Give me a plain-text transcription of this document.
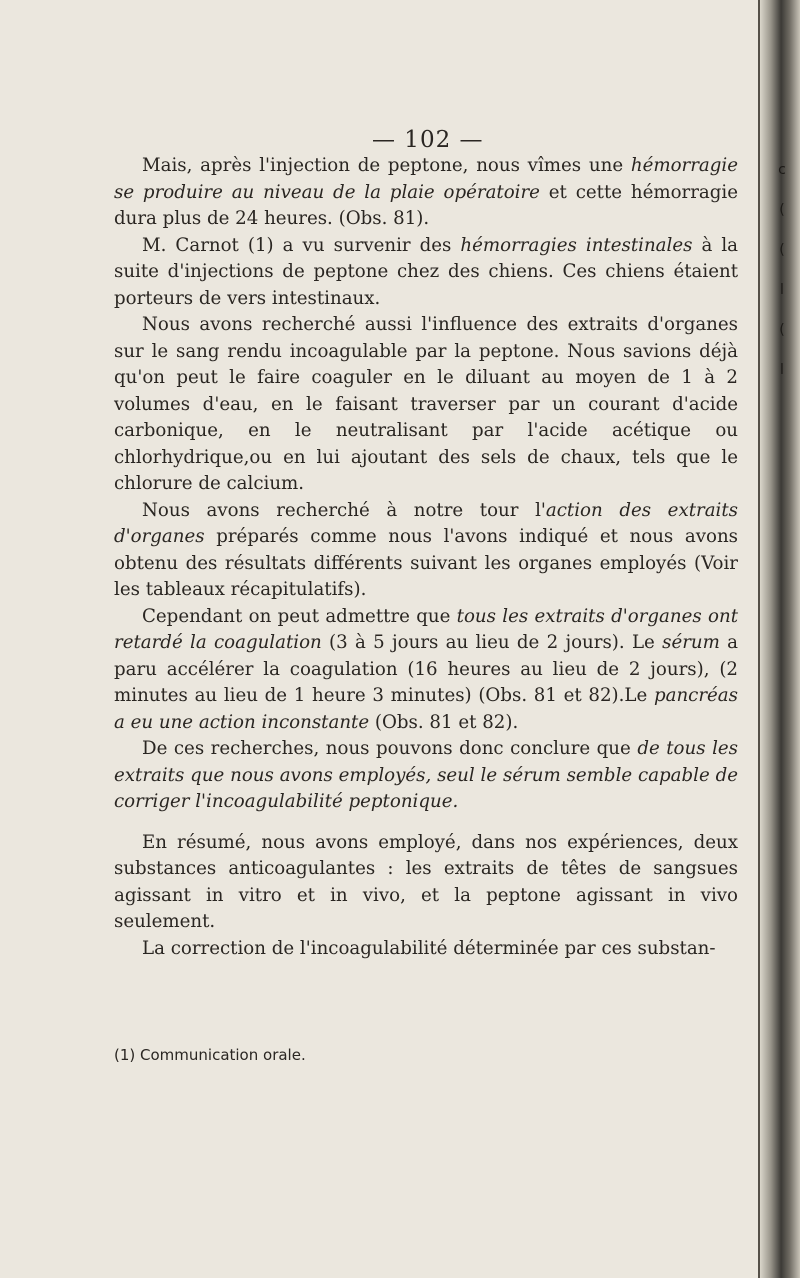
c
(
(
l
(
l
— 102 —

Mais, après l'injection de peptone, nous vîmes une hémorragie se produire au niveau de la plaie opératoire et cette hémorragie dura plus de 24 heures. (Obs. 81).

M. Carnot (1) a vu survenir des hémorragies intestinales à la suite d'injections de peptone chez des chiens. Ces chiens étaient porteurs de vers intestinaux.

Nous avons recherché aussi l'influence des extraits d'organes sur le sang rendu incoagulable par la peptone. Nous savions déjà qu'on peut le faire coaguler en le diluant au moyen de 1 à 2 volumes d'eau, en le faisant traverser par un courant d'acide carbonique, en le neutralisant par l'acide acétique ou chlorhydrique,ou en lui ajoutant des sels de chaux, tels que le chlorure de calcium.

Nous avons recherché à notre tour l'action des extraits d'organes préparés comme nous l'avons indiqué et nous avons obtenu des résultats différents suivant les organes employés (Voir les tableaux récapitulatifs).

Cependant on peut admettre que tous les extraits d'organes ont retardé la coagulation (3 à 5 jours au lieu de 2 jours). Le sérum a paru accélérer la coagulation (16 heures au lieu de 2 jours), (2 minutes au lieu de 1 heure 3 minutes) (Obs. 81 et 82).Le pancréas a eu une action inconstante (Obs. 81 et 82).

De ces recherches, nous pouvons donc conclure que de tous les extraits que nous avons employés, seul le sérum semble capable de corriger l'incoagulabilité peptonique.

En résumé, nous avons employé, dans nos expériences, deux substances anticoagulantes : les extraits de têtes de sangsues agissant in vitro et in vivo, et la peptone agissant in vivo seulement.

La correction de l'incoagulabilité déterminée par ces substan-

(1) Communication orale.
